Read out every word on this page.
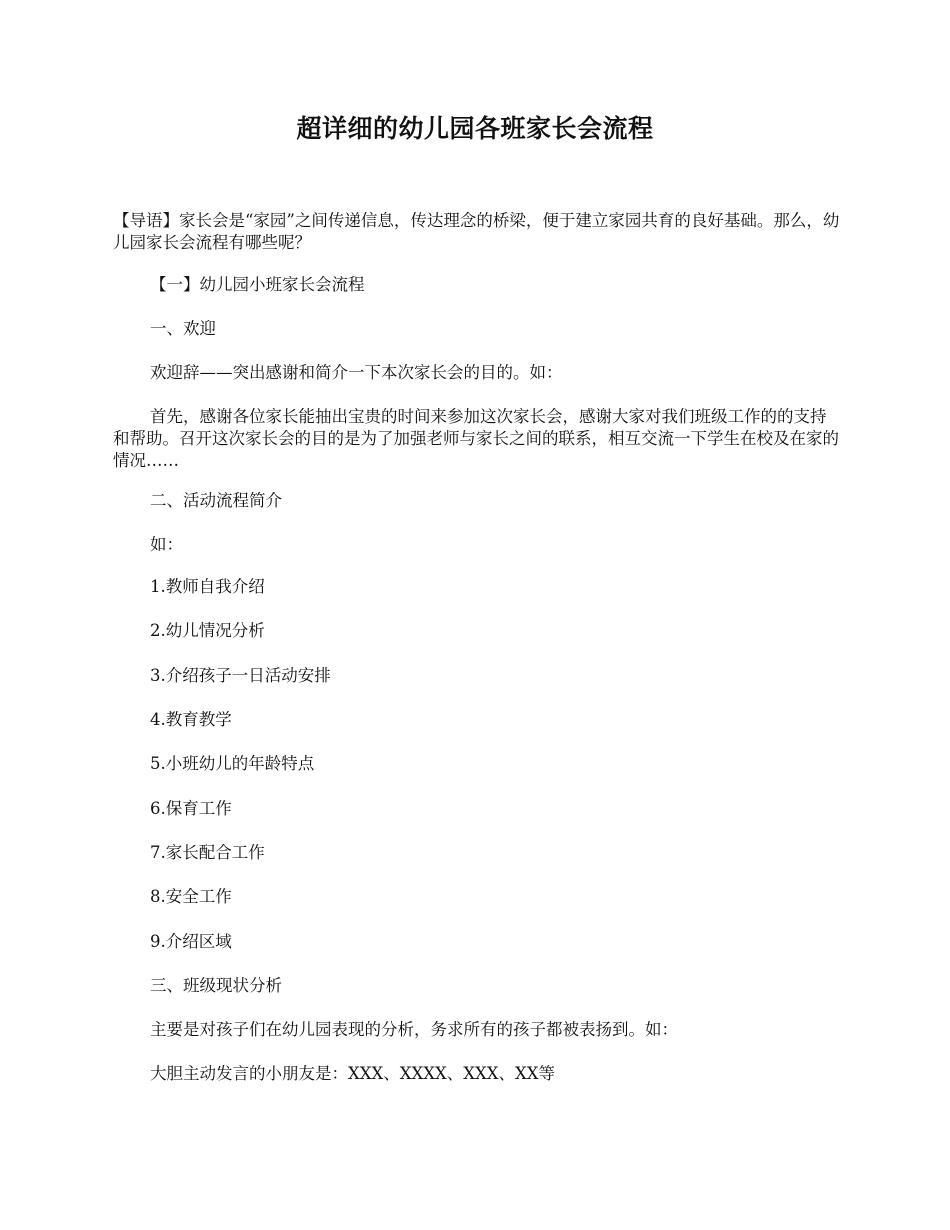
超详细的幼儿园各班家长会流程

【导语】家长会是“家园”之间传递信息，传达理念的桥梁，便于建立家园共育的良好基础。那么，幼儿园家长会流程有哪些呢？

【一】幼儿园小班家长会流程

一、欢迎

欢迎辞——突出感谢和简介一下本次家长会的目的。如：

首先，感谢各位家长能抽出宝贵的时间来参加这次家长会，感谢大家对我们班级工作的的支持和帮助。召开这次家长会的目的是为了加强老师与家长之间的联系，相互交流一下学生在校及在家的情况……

二、活动流程简介

如：

1.教师自我介绍

2.幼儿情况分析

3.介绍孩子一日活动安排

4.教育教学

5.小班幼儿的年龄特点

6.保育工作

7.家长配合工作

8.安全工作

9.介绍区域

三、班级现状分析

主要是对孩子们在幼儿园表现的分析，务求所有的孩子都被表扬到。如：

大胆主动发言的小朋友是：XXX、XXXX、XXX、XX等
